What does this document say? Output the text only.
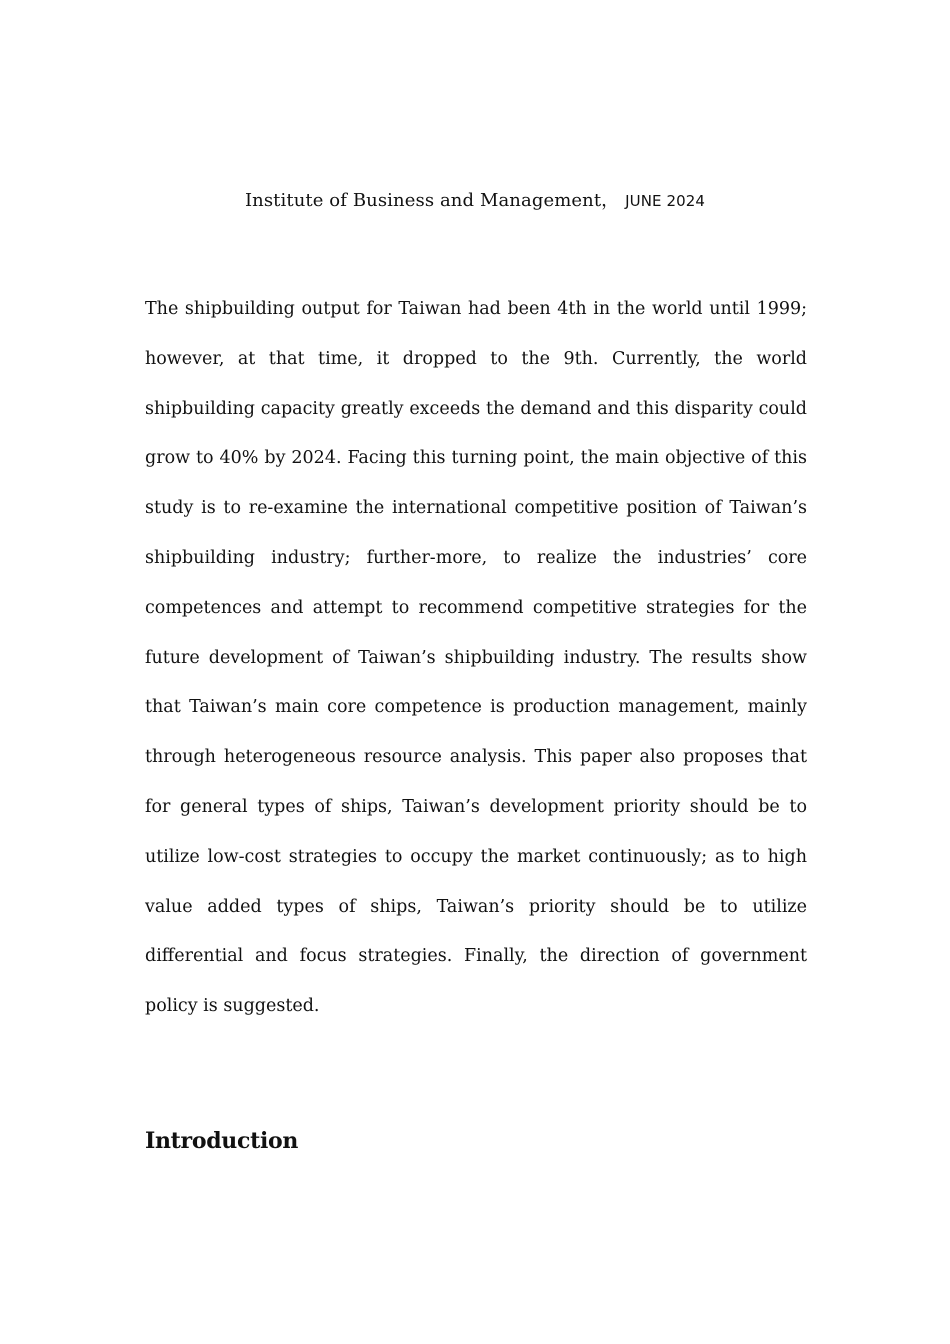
Institute of Business and Management， JUNE 2024

The shipbuilding output for Taiwan had been 4th in the world until 1999; however, at that time, it dropped to the 9th. Currently, the world shipbuilding capacity greatly exceeds the demand and this disparity could grow to 40% by 2024. Facing this turning point, the main objective of this study is to re-examine the international competitive position of Taiwan’s shipbuilding industry; further-more, to realize the industries’ core competences and attempt to recommend competitive strategies for the future development of Taiwan’s shipbuilding industry. The results show that Taiwan’s main core competence is production management, mainly through heterogeneous resource analysis. This paper also proposes that for general types of ships, Taiwan’s development priority should be to utilize low-cost strategies to occupy the market continuously; as to high value added types of ships, Taiwan’s priority should be to utilize differential and focus strategies. Finally, the direction of government policy is suggested.

Introduction
